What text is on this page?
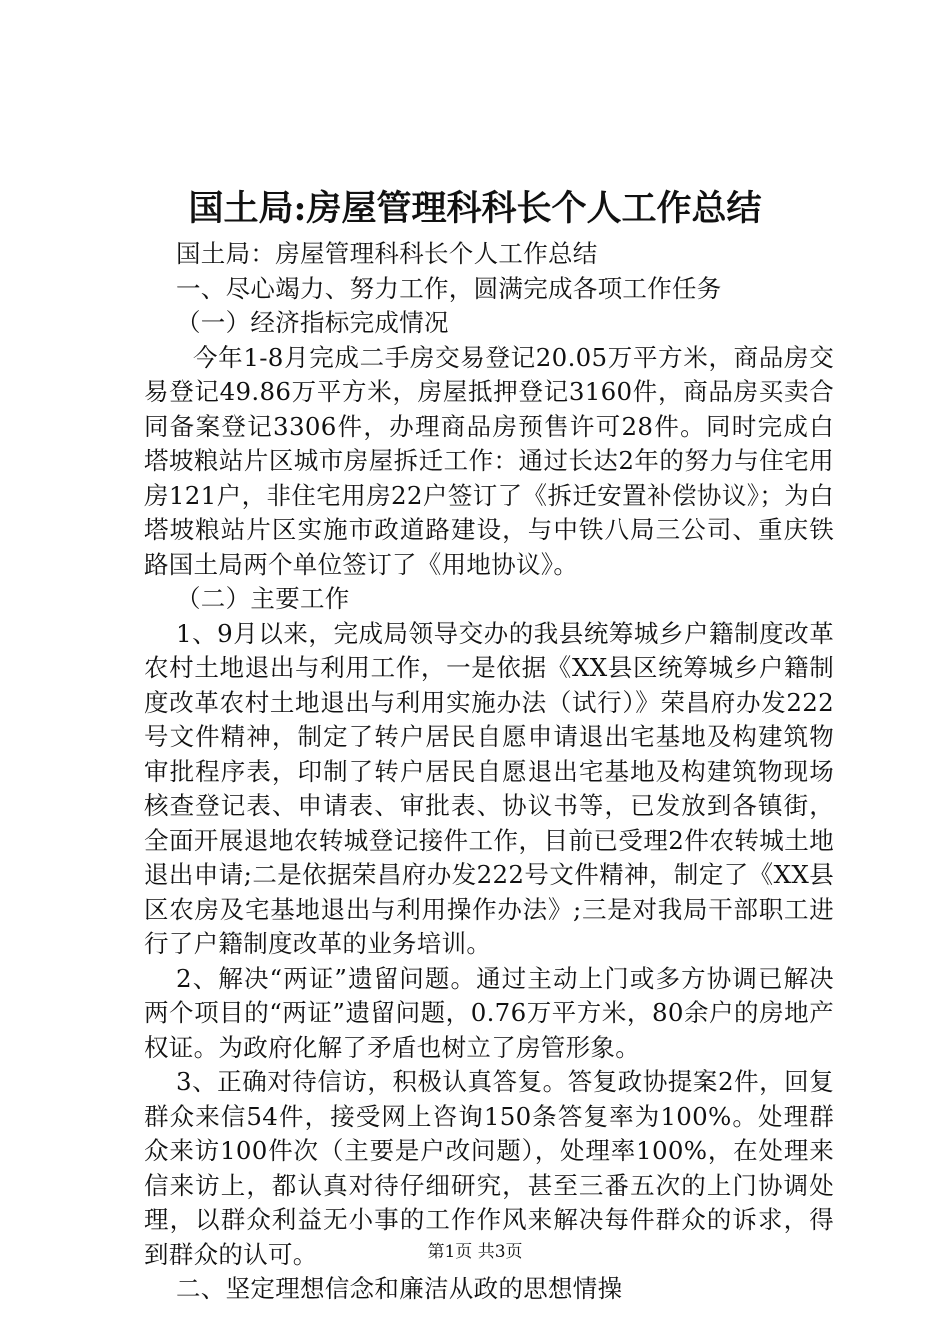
国土局:房屋管理科科长个人工作总结

国土局：房屋管理科科长个人工作总结

一、尽心竭力、努力工作，圆满完成各项工作任务

（一）经济指标完成情况

今年1-8月完成二手房交易登记20.05万平方米，商品房交易登记49.86万平方米，房屋抵押登记3160件，商品房买卖合同备案登记3306件，办理商品房预售许可28件。同时完成白塔坡粮站片区城市房屋拆迁工作：通过长达2年的努力与住宅用房121户，非住宅用房22户签订了《拆迁安置补偿协议》；为白塔坡粮站片区实施市政道路建设，与中铁八局三公司、重庆铁路国土局两个单位签订了《用地协议》。

（二）主要工作

1、9月以来，完成局领导交办的我县统筹城乡户籍制度改革农村土地退出与利用工作，一是依据《XX县区统筹城乡户籍制度改革农村土地退出与利用实施办法（试行）》荣昌府办发222号文件精神，制定了转户居民自愿申请退出宅基地及构建筑物审批程序表，印制了转户居民自愿退出宅基地及构建筑物现场核查登记表、申请表、审批表、协议书等，已发放到各镇街，全面开展退地农转城登记接件工作，目前已受理2件农转城土地退出申请;二是依据荣昌府办发222号文件精神，制定了《XX县区农房及宅基地退出与利用操作办法》;三是对我局干部职工进行了户籍制度改革的业务培训。

2、解决“两证”遗留问题。通过主动上门或多方协调已解决两个项目的“两证”遗留问题，0.76万平方米，80余户的房地产权证。为政府化解了矛盾也树立了房管形象。

3、正确对待信访，积极认真答复。答复政协提案2件，回复群众来信54件，接受网上咨询150条答复率为100%。处理群众来访100件次（主要是户改问题），处理率100%，在处理来信来访上，都认真对待仔细研究，甚至三番五次的上门协调处理，以群众利益无小事的工作作风来解决每件群众的诉求，得到群众的认可。

二、坚定理想信念和廉洁从政的思想情操

第1页 共3页
